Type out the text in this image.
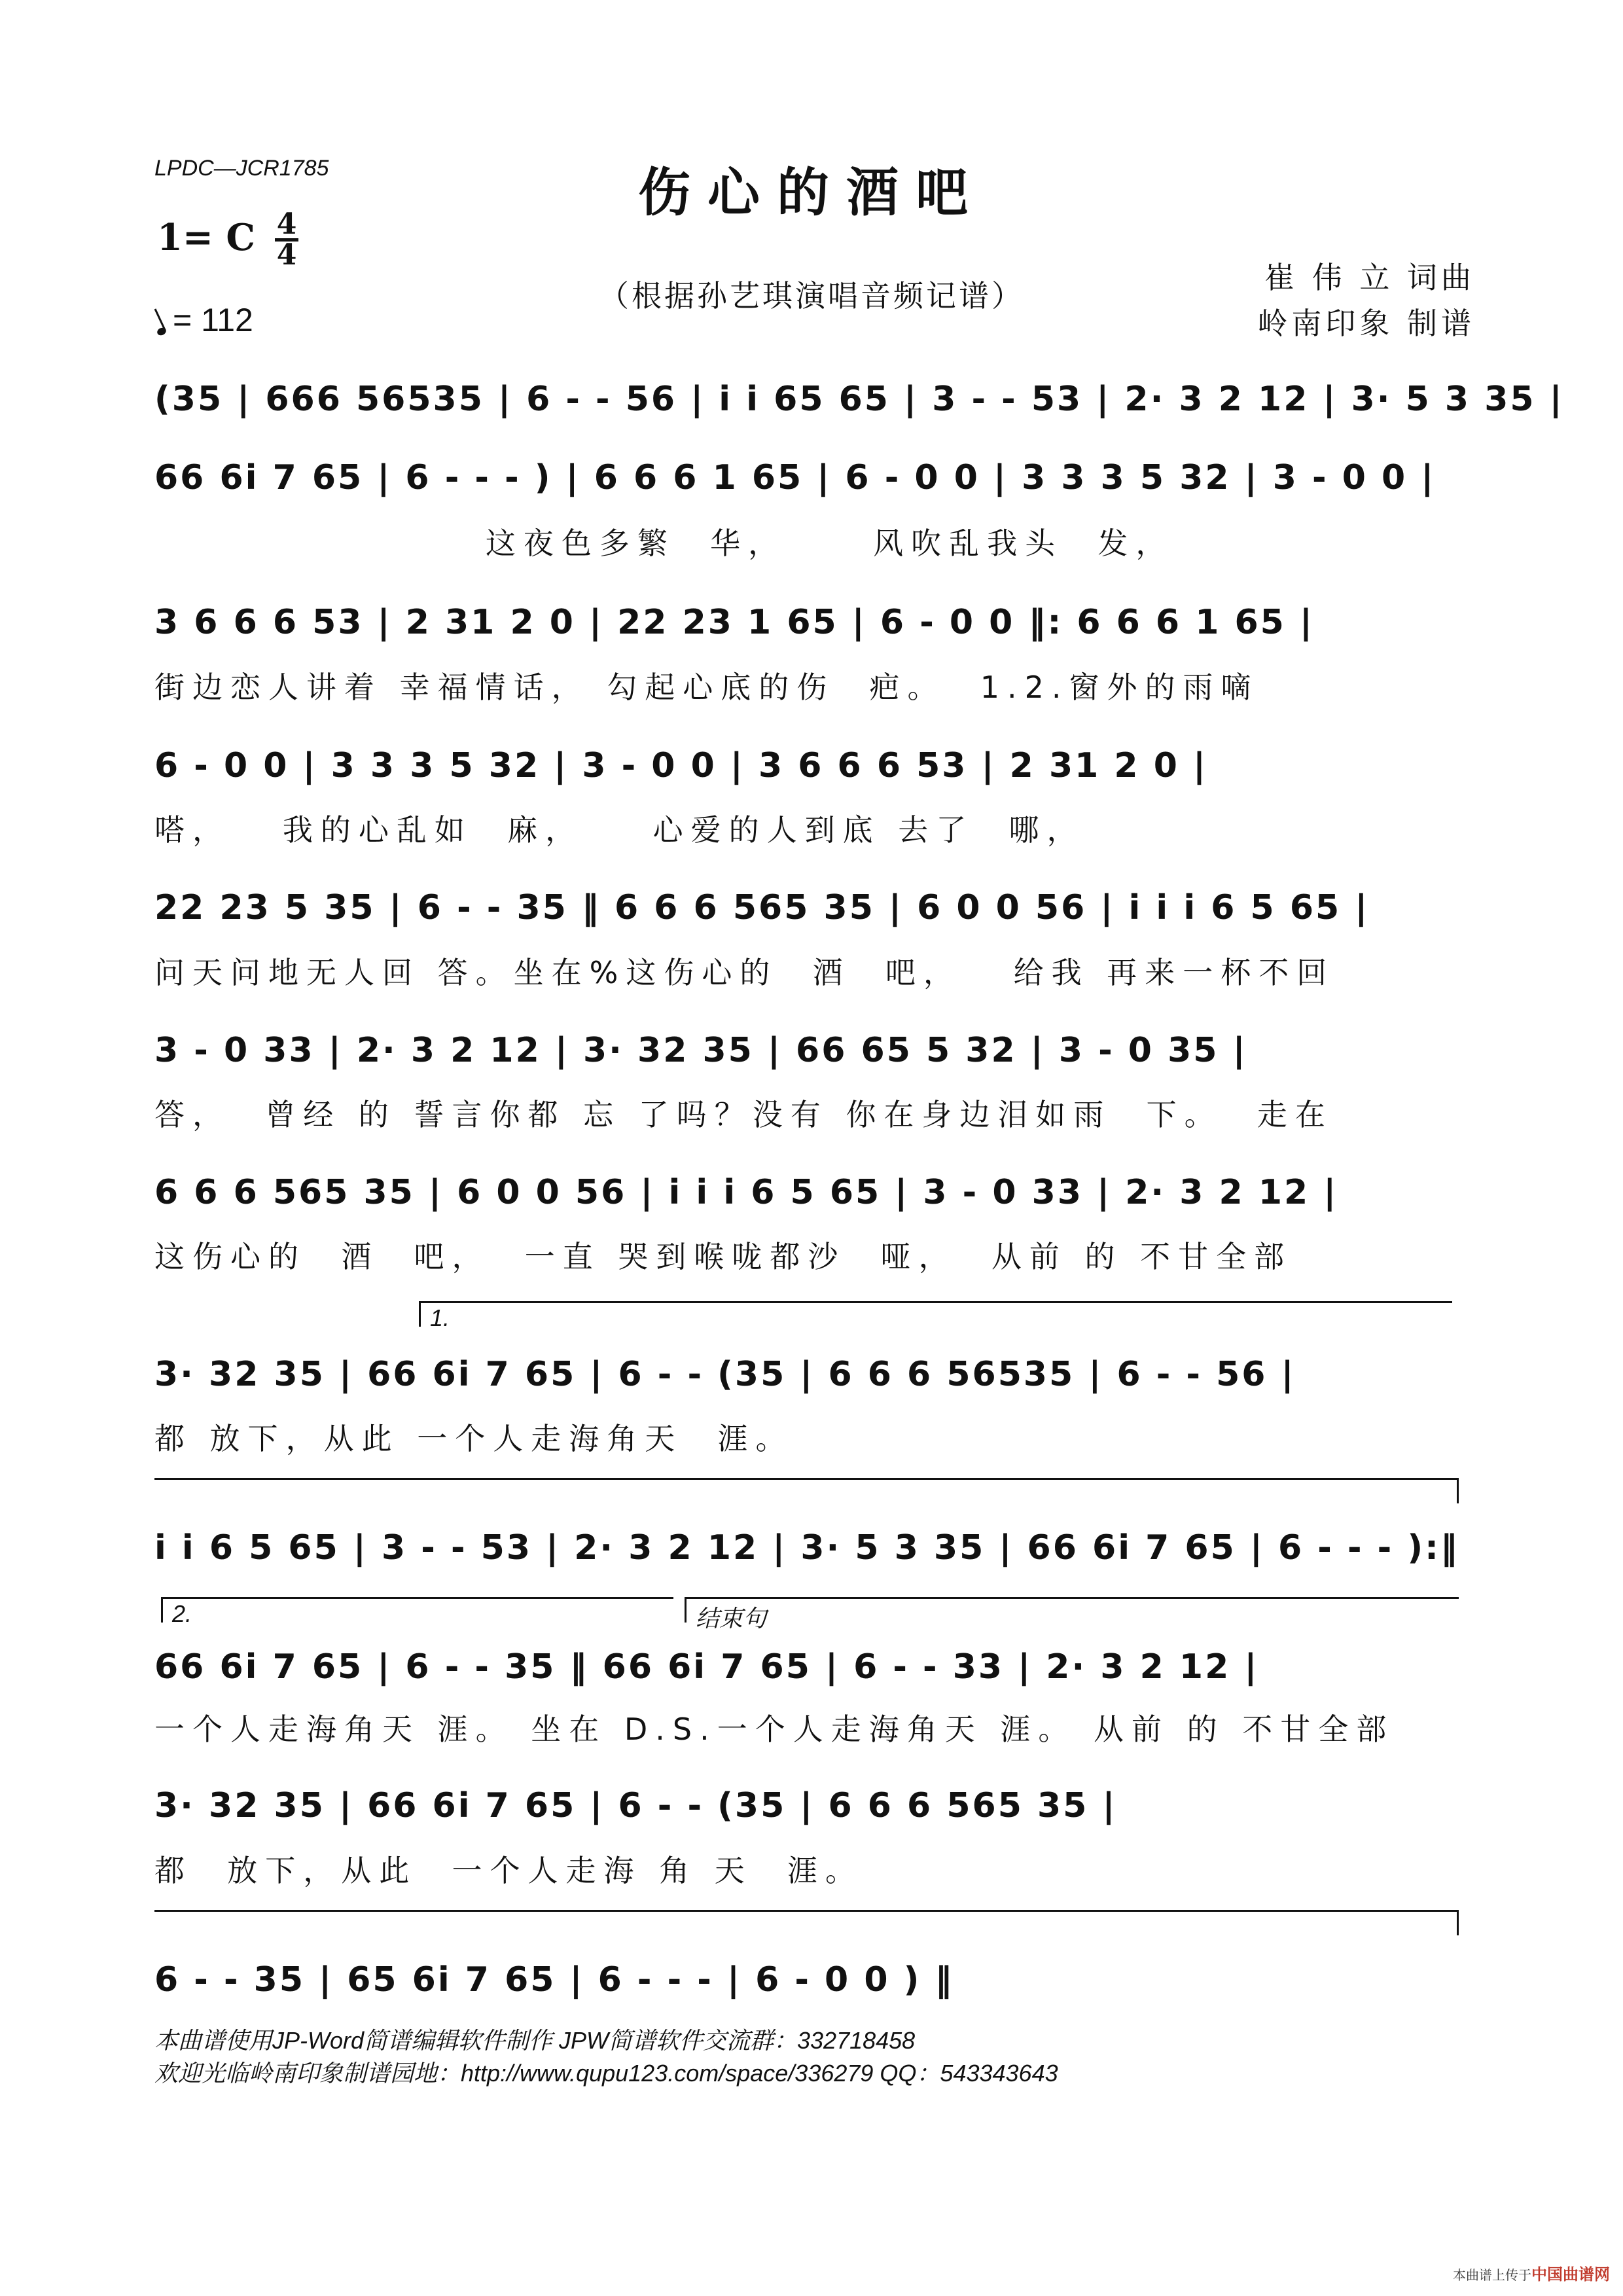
LPDC—JCR1785	伤心的酒吧
1= C 4
4
= 112
（根据孙艺琪演唱音频记谱）
崔 伟 立 词曲
岭南印象 制谱
(35 | 666 56535 | 6 - - 56 | i i 65 65 | 3 - - 53 | 2· 3 2 12 | 3· 5 3 35 |
66 6i 7 65 | 6 - - - ) | 6 6 6 1 65 | 6 - 0 0 | 3 3 3 5 32 | 3 - 0 0 |
这夜色多繁  华，     风吹乱我头  发，
3 6 6 6 53 | 2 31 2 0 | 22 23 1 65 | 6 - 0 0 ‖: 6 6 6 1 65 |
街边恋人讲着 幸福情话， 勾起心底的伤  疤。  1.2.窗外的雨嘀
6 - 0 0 | 3 3 3 5 32 | 3 - 0 0 | 3 6 6 6 53 | 2 31 2 0 |
嗒，   我的心乱如  麻，    心爱的人到底 去了  哪，
22 23 5 35 | 6 - - 35 ‖ 6 6 6 565 35 | 6 0 0 56 | i i i 6 5 65 |
问天问地无人回 答。坐在%这伤心的  酒  吧，   给我 再来一杯不回
3 - 0 33 | 2· 3 2 12 | 3· 32 35 | 66 65 5 32 | 3 - 0 35 |
答，  曾经 的 誓言你都 忘 了吗？没有 你在身边泪如雨  下。  走在
6 6 6 565 35 | 6 0 0 56 | i i i 6 5 65 | 3 - 0 33 | 2· 3 2 12 |
这伤心的  酒  吧，  一直 哭到喉咙都沙  哑，  从前 的 不甘全部
1.
3· 32 35 | 66 6i 7 65 | 6 - - (35 | 6 6 6 56535 | 6 - - 56 |
都 放下，从此 一个人走海角天  涯。
i i 6 5 65 | 3 - - 53 | 2· 3 2 12 | 3· 5 3 35 | 66 6i 7 65 | 6 - - - ):‖
2.	结束句
66 6i 7 65 | 6 - - 35 ‖ 66 6i 7 65 | 6 - - 33 | 2· 3 2 12 |
一个人走海角天 涯。 坐在 D.S.一个人走海角天 涯。 从前 的 不甘全部
3· 32 35 | 66 6i 7 65 | 6 - - (35 | 6 6 6 565 35 |
都  放下，从此  一个人走海 角 天  涯。
6 - - 35 | 65 6i 7 65 | 6 - - - | 6 - 0 0 ) ‖
本曲谱使用JP-Word简谱编辑软件制作 JPW简谱软件交流群：332718458
欢迎光临岭南印象制谱园地：http://www.qupu123.com/space/336279 QQ：543343643
本曲谱上传于中国曲谱网
